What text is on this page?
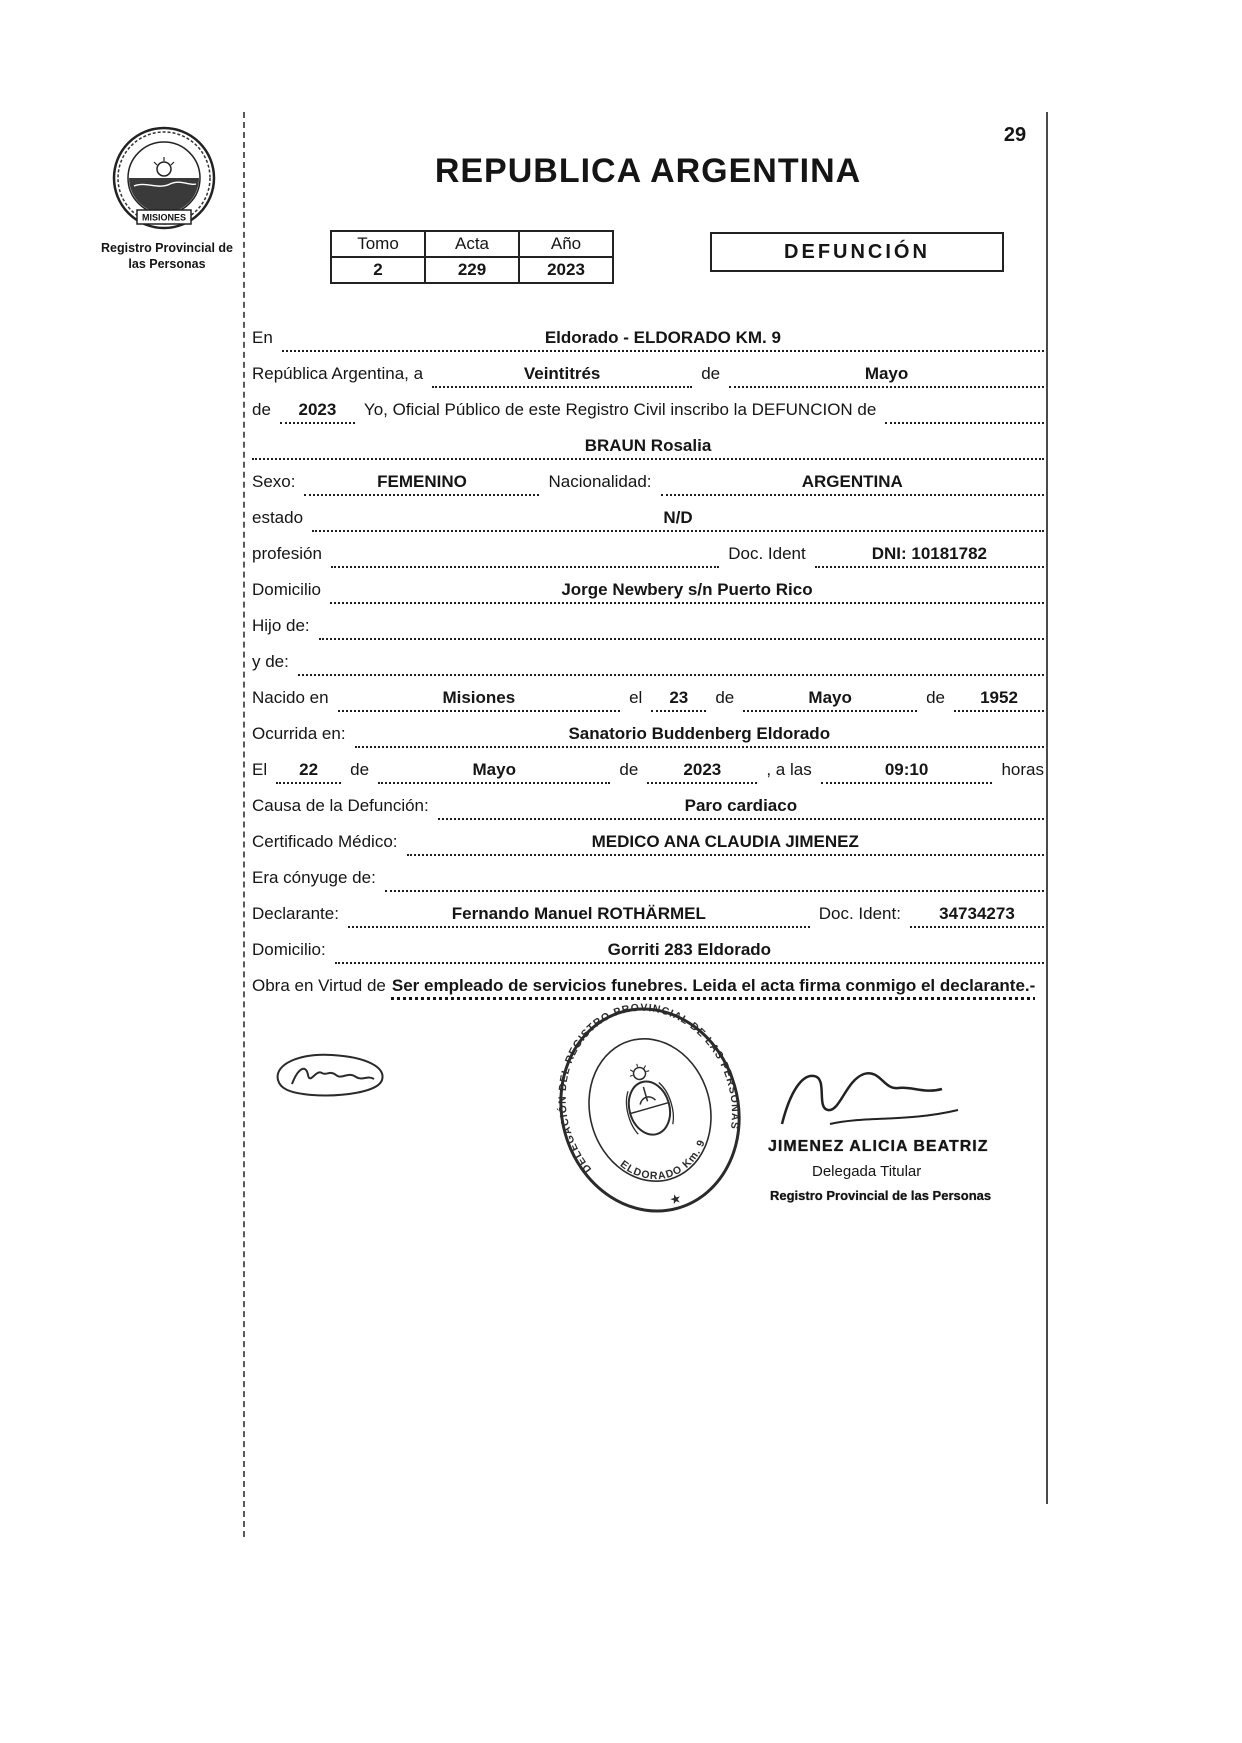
29
MISIONES
Registro Provincial de
las Personas
REPUBLICA ARGENTINA
Tomo	Acta	Año
2	229	2023
DEFUNCIÓN
En	Eldorado - ELDORADO KM. 9
República Argentina, a	Veintitrés	de	Mayo
de	2023	Yo, Oficial Público de este Registro Civil inscribo la DEFUNCION de
BRAUN Rosalia
Sexo:	FEMENINO	Nacionalidad:	ARGENTINA
estado	N/D
profesión	Doc. Ident	DNI: 10181782
Domicilio	Jorge Newbery s/n Puerto Rico
Hijo de:
y de:
Nacido en	Misiones	el	23	de	Mayo	de	1952
Ocurrida en:	Sanatorio Buddenberg Eldorado
El	22	de	Mayo	de	2023	, a las	09:10	horas
Causa de la Defunción:	Paro cardiaco
Certificado Médico:	MEDICO ANA CLAUDIA JIMENEZ
Era cónyuge de:
Declarante:	Fernando Manuel ROTHÄRMEL	Doc. Ident:	34734273
Domicilio:	Gorriti 283 Eldorado
Obra en Virtud de Ser empleado de servicios funebres. Leida el acta firma conmigo el declarante.-
DELEGACIÓN DEL REGISTRO PROVINCIAL DE LAS PERSONAS
ELDORADO Km. 9
★
JIMENEZ ALICIA BEATRIZ
Delegada Titular
Registro Provincial de las Personas
